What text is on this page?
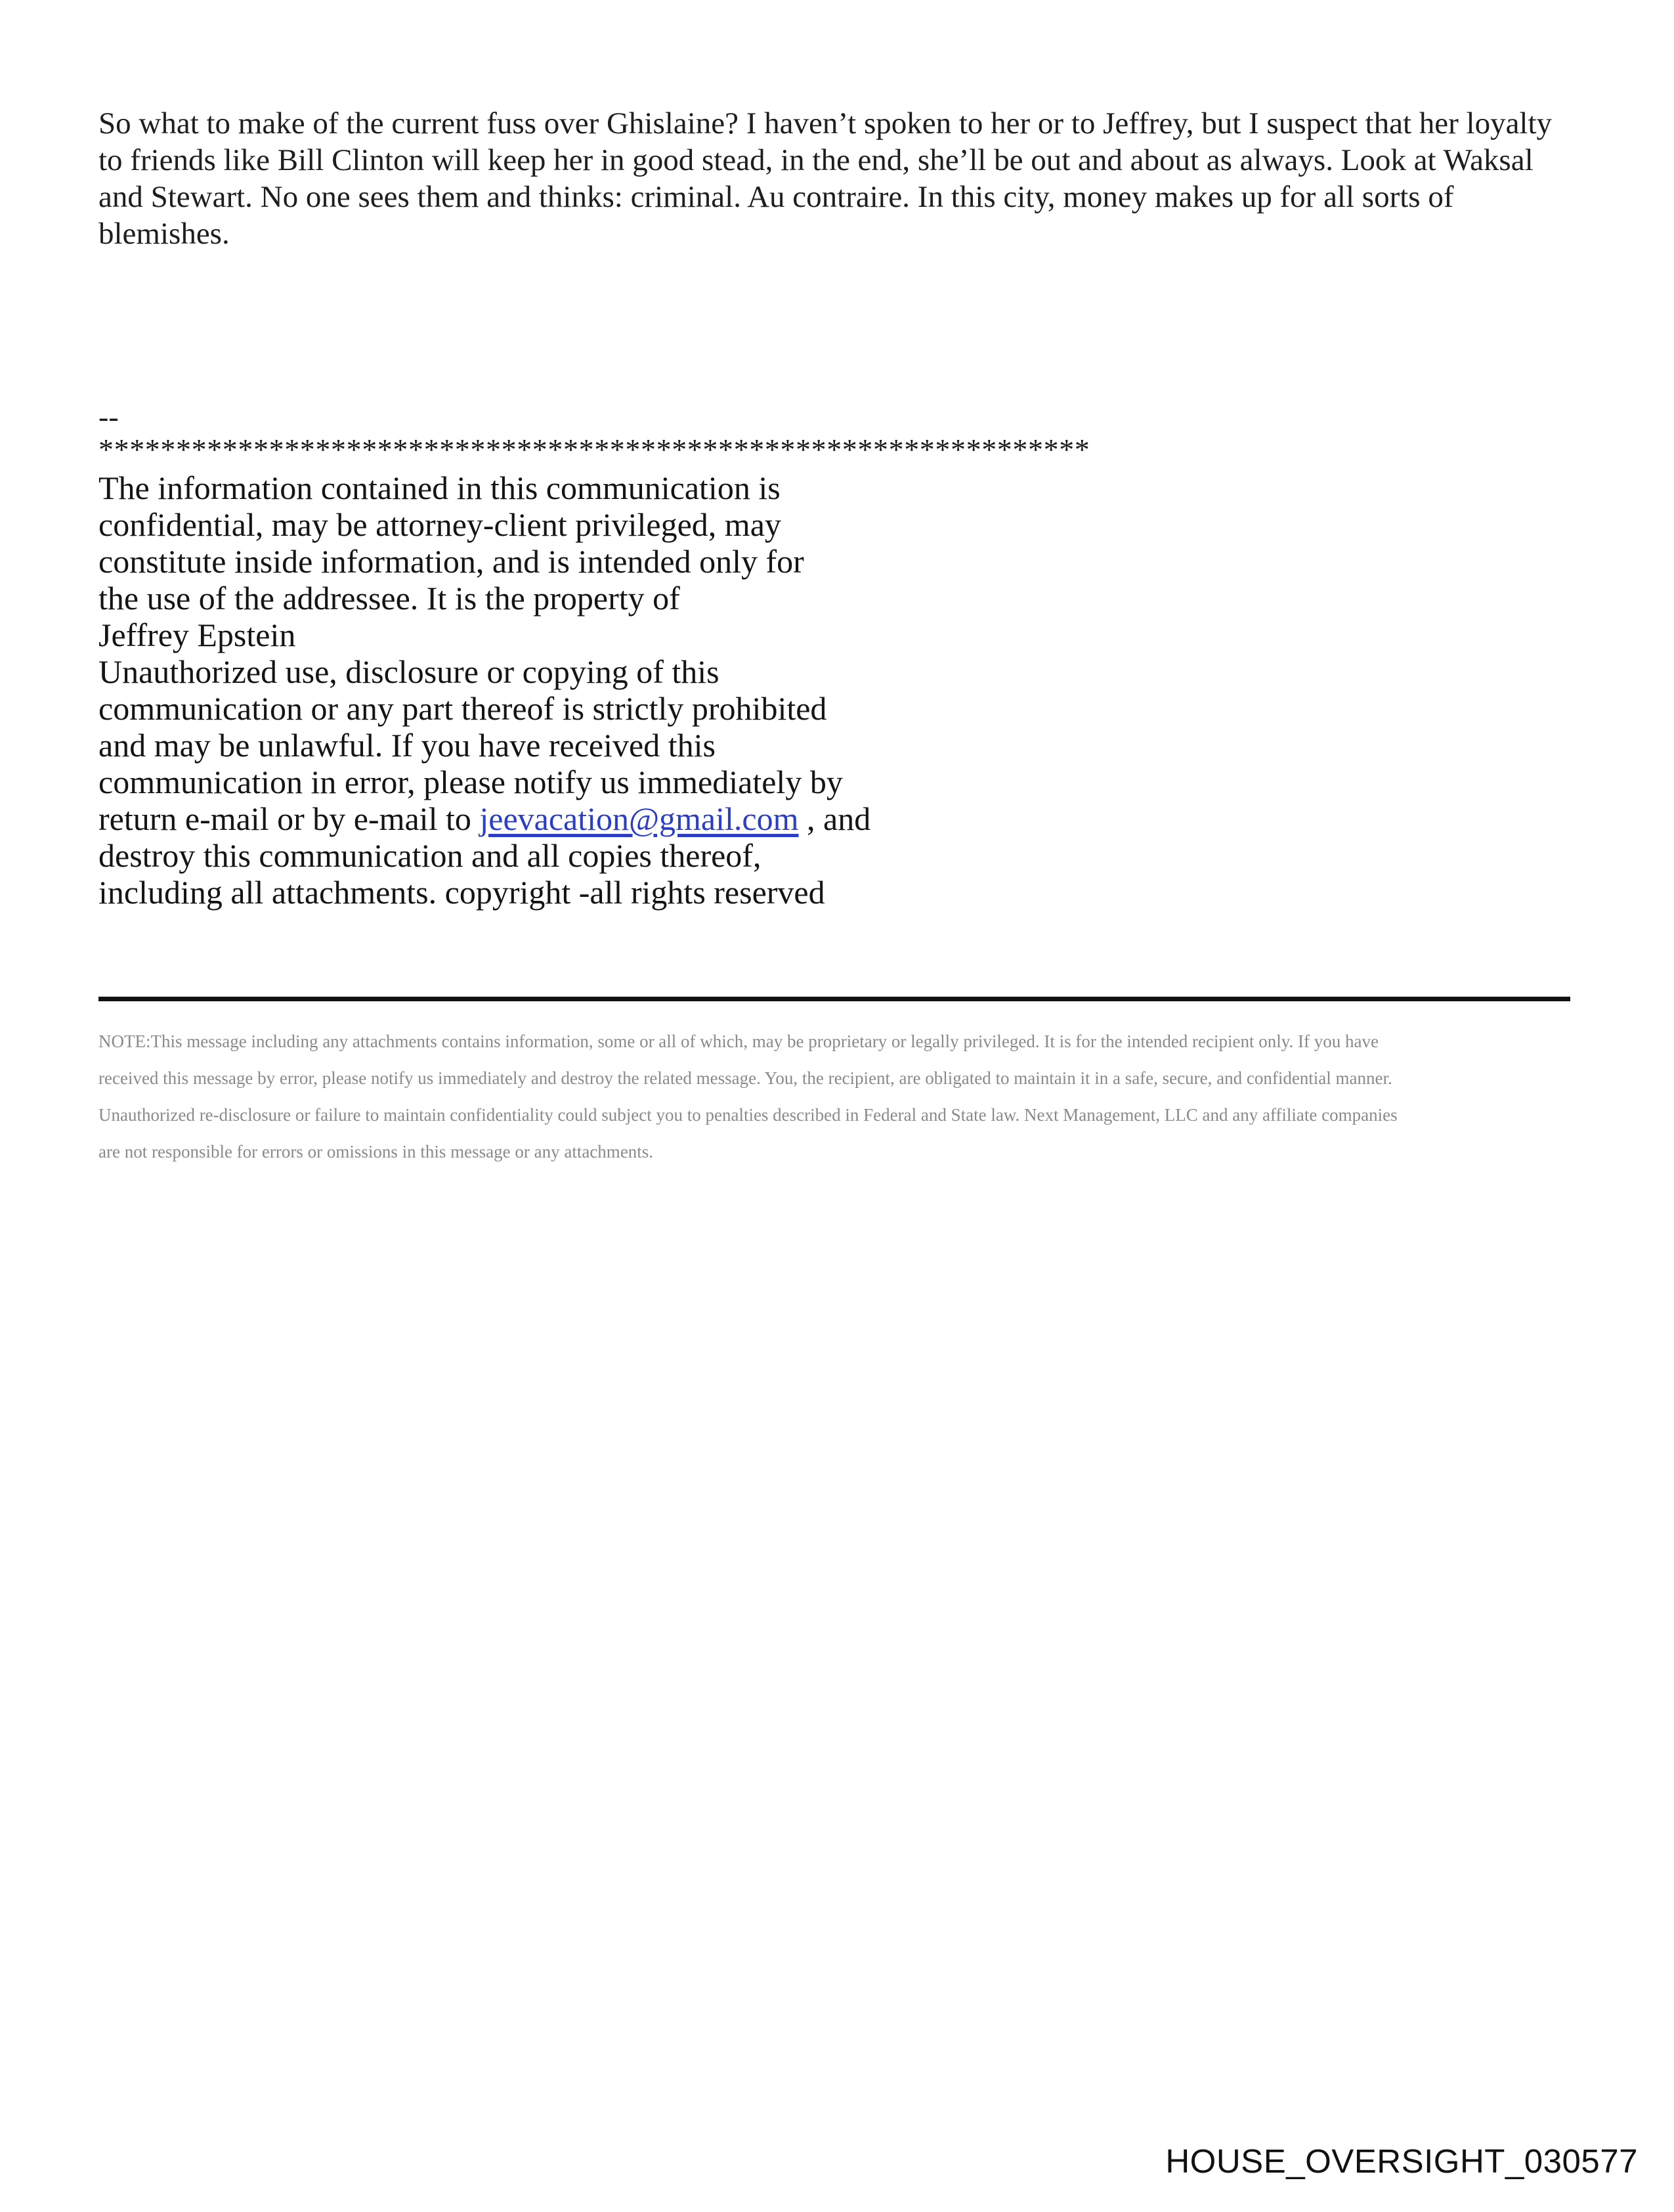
So what to make of the current fuss over Ghislaine? I haven’t spoken to her or to Jeffrey, but I suspect that her loyalty
to friends like Bill Clinton will keep her in good stead, in the end, she’ll be out and about as always. Look at Waksal
and Stewart. No one sees them and thinks: criminal. Au contraire. In this city, money makes up for all sorts of
blemishes.
--
****************************************************************
The information contained in this communication is
confidential, may be attorney-client privileged, may
constitute inside information, and is intended only for
the use of the addressee. It is the property of
Jeffrey Epstein
Unauthorized use, disclosure or copying of this
communication or any part thereof is strictly prohibited
and may be unlawful. If you have received this
communication in error, please notify us immediately by
return e-mail or by e-mail to jeevacation@gmail.com , and
destroy this communication and all copies thereof,
including all attachments. copyright -all rights reserved
NOTE:This message including any attachments contains information, some or all of which, may be proprietary or legally privileged. It is for the intended recipient only. If you have
received this message by error, please notify us immediately and destroy the related message. You, the recipient, are obligated to maintain it in a safe, secure, and confidential manner.
Unauthorized re-disclosure or failure to maintain confidentiality could subject you to penalties described in Federal and State law. Next Management, LLC and any affiliate companies
are not responsible for errors or omissions in this message or any attachments.
HOUSE_OVERSIGHT_030577
